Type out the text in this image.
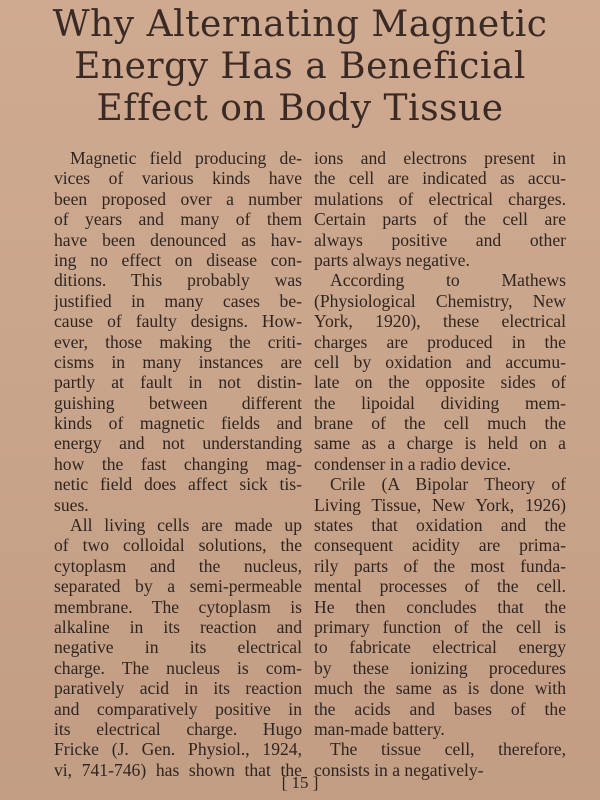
Why Alternating Magnetic
Energy Has a Beneficial
Effect on Body Tissue
Magnetic field producing de-
vices of various kinds have
been proposed over a number
of years and many of them
have been denounced as hav-
ing no effect on disease con-
ditions. This probably was
justified in many cases be-
cause of faulty designs. How-
ever, those making the criti-
cisms in many instances are
partly at fault in not distin-
guishing between different
kinds of magnetic fields and
energy and not understanding
how the fast changing mag-
netic field does affect sick tis-
sues.
All living cells are made up
of two colloidal solutions, the
cytoplasm and the nucleus,
separated by a semi-permeable
membrane. The cytoplasm is
alkaline in its reaction and
negative in its electrical
charge. The nucleus is com-
paratively acid in its reaction
and comparatively positive in
its electrical charge. Hugo
Fricke (J. Gen. Physiol., 1924,
vi, 741-746) has shown that the
ions and electrons present in
the cell are indicated as accu-
mulations of electrical charges.
Certain parts of the cell are
always positive and other
parts always negative.
According to Mathews
(Physiological Chemistry, New
York, 1920), these electrical
charges are produced in the
cell by oxidation and accumu-
late on the opposite sides of
the lipoidal dividing mem-
brane of the cell much the
same as a charge is held on a
condenser in a radio device.
Crile (A Bipolar Theory of
Living Tissue, New York, 1926)
states that oxidation and the
consequent acidity are prima-
rily parts of the most funda-
mental processes of the cell.
He then concludes that the
primary function of the cell is
to fabricate electrical energy
by these ionizing procedures
much the same as is done with
the acids and bases of the
man-made battery.
The tissue cell, therefore,
consists in a negatively-
[ 15 ]
